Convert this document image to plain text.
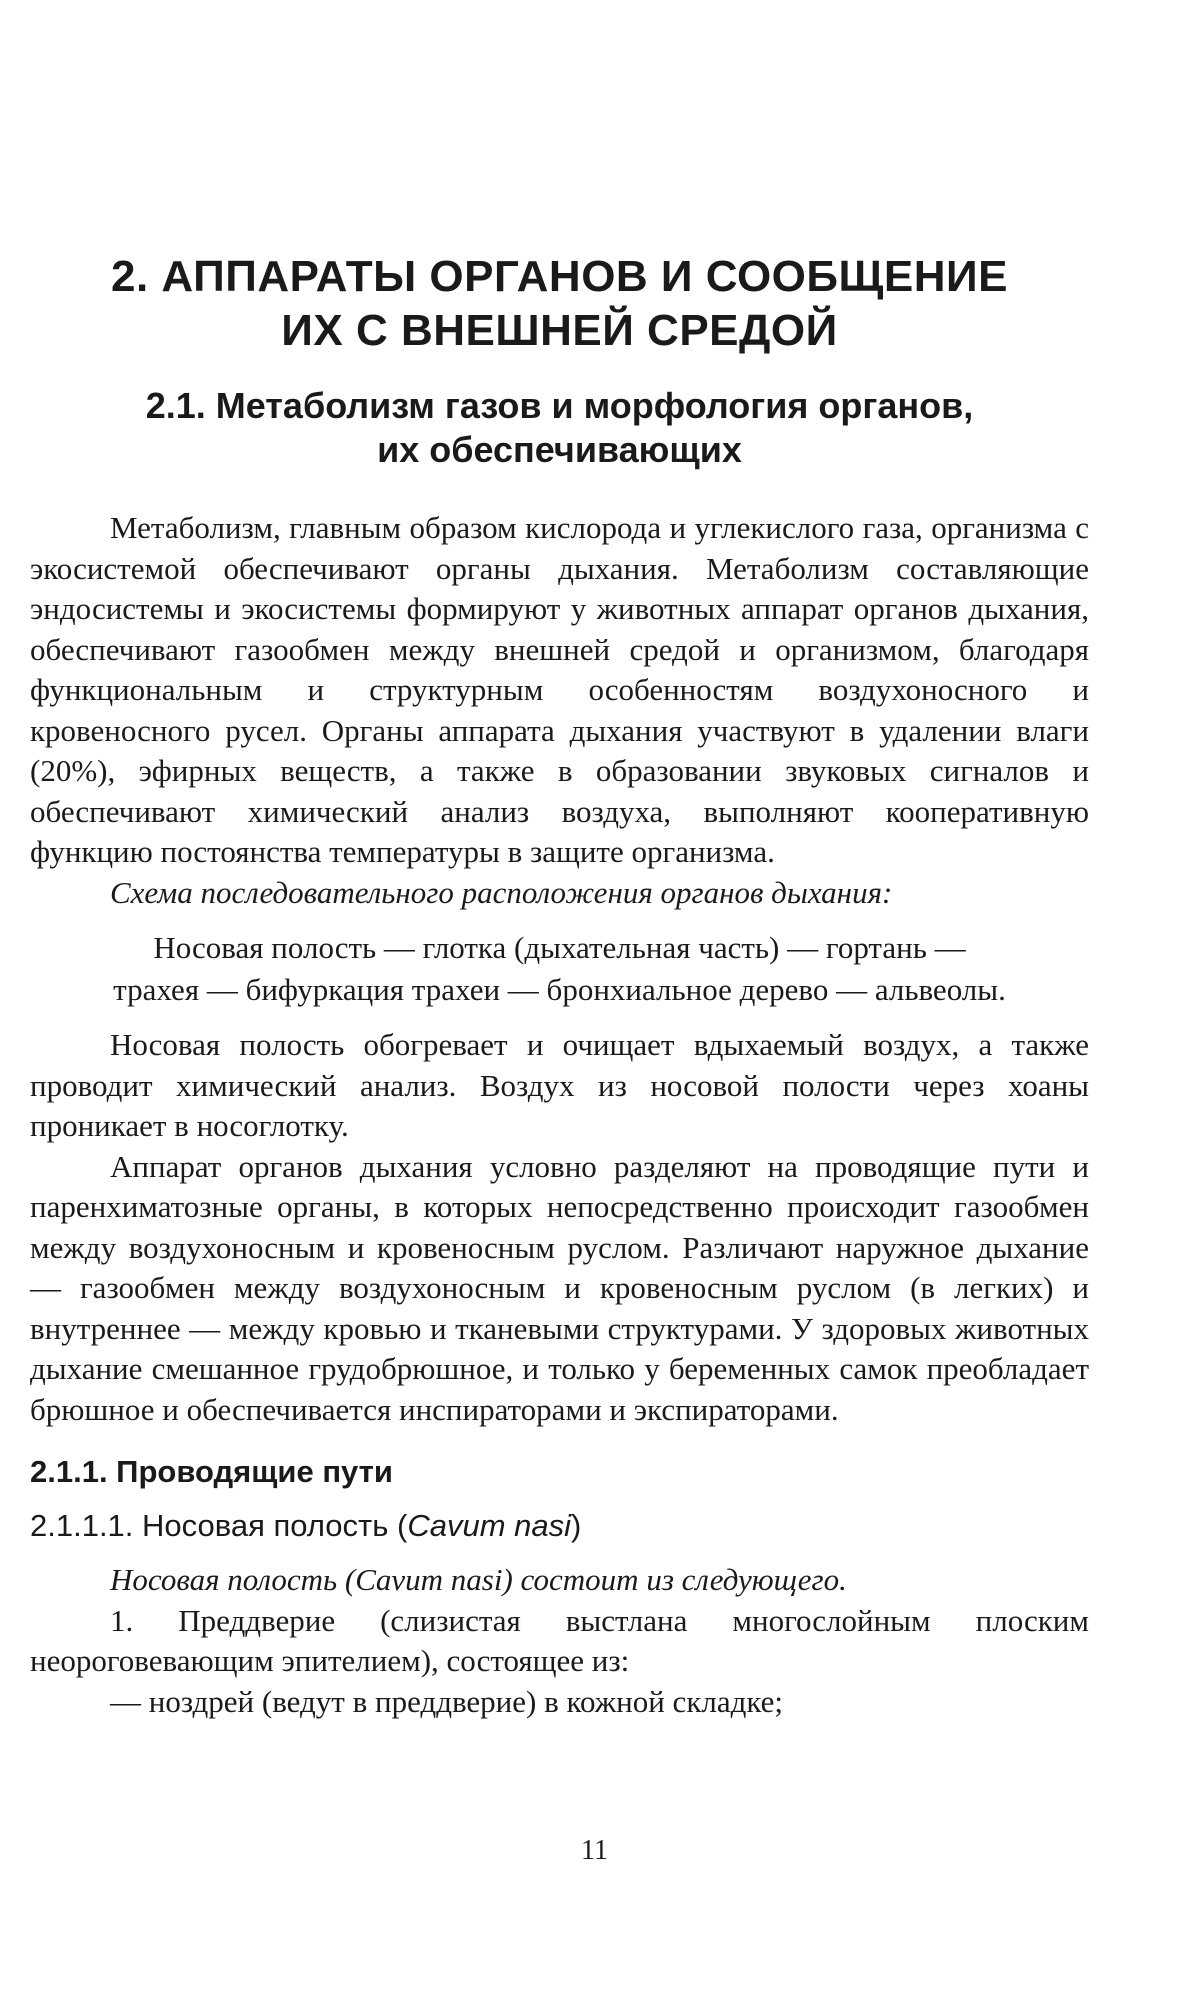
2. АППАРАТЫ ОРГАНОВ И СООБЩЕНИЕ
ИХ С ВНЕШНЕЙ СРЕДОЙ
2.1. Метаболизм газов и морфология органов,
их обеспечивающих

Метаболизм, главным образом кислорода и углекислого газа, организма с экосистемой обеспечивают органы дыхания. Метаболизм составляющие эндосистемы и экосистемы формируют у животных аппарат органов дыхания, обеспечивают газообмен между внешней средой и организмом, благодаря функциональным и структурным особенностям воздухоносного и кровеносного русел. Органы аппарата дыхания участвуют в удалении влаги (20%), эфирных веществ, а также в образовании звуковых сигналов и обеспечивают химический анализ воздуха, выполняют кооперативную функцию постоянства температуры в защите организма.

Схема последовательного расположения органов дыхания:

Носовая полость — глотка (дыхательная часть) — гортань —
трахея — бифуркация трахеи — бронхиальное дерево — альвеолы.

Носовая полость обогревает и очищает вдыхаемый воздух, а также проводит химический анализ. Воздух из носовой полости через хоаны проникает в носоглотку.

Аппарат органов дыхания условно разделяют на проводящие пути и паренхиматозные органы, в которых непосредственно происходит газообмен между воздухоносным и кровеносным руслом. Различают наружное дыхание — газообмен между воздухоносным и кровеносным руслом (в легких) и внутреннее — между кровью и тканевыми структурами. У здоровых животных дыхание смешанное грудобрюшное, и только у беременных самок преобладает брюшное и обеспечивается инспираторами и экспираторами.

2.1.1. Проводящие пути
2.1.1.1. Носовая полость (Cavum nasi)

Носовая полость (Cavum nasi) состоит из следующего.

1. Преддверие (слизистая выстлана многослойным плоским неороговевающим эпителием), состоящее из:

— ноздрей (ведут в преддверие) в кожной складке;

11
